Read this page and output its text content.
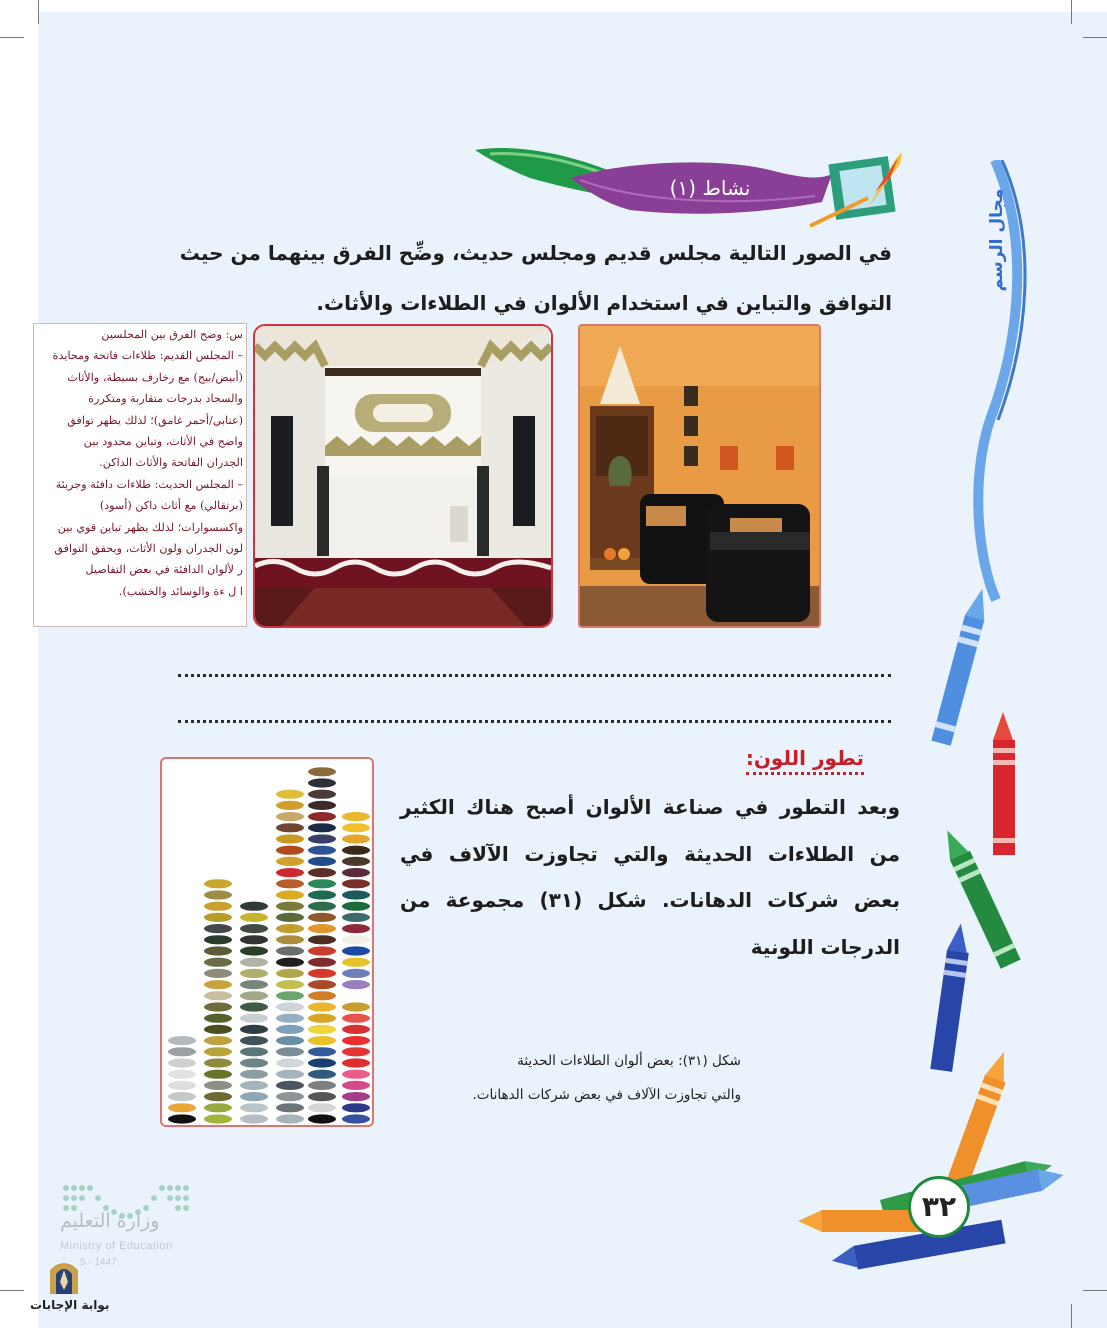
نشاط (١)
في الصور التالية مجلس قديم ومجلس حديث، وضِّح الفرق بينهما من حيث التوافق والتباين في استخدام الألوان في الطلاءات والأثاث.
س: وضح الفرق بين المجلسين
– المجلس القديم: طلاءات فاتحة ومحايدة
(أبيض/بيج) مع زخارف بسيطة، والأثاث
والسجاد بدرجات متقاربة ومتكررة
(عنابي/أحمر غامق)؛ لذلك يظهر توافق
واضح في الأثاث، وتباين محدود بين
الجدران الفاتحة والأثاث الداكن.
– المجلس الحديث: طلاءات دافئة وجريئة
(برتقالي) مع أثاث داكن (أسود)
واكسسوارات؛ لذلك يظهر تباين قوي بين
لون الجدران ولون الأثاث، ويحقق التوافق
ر لألوان الدافئة في بعض التفاصيل
ا ل ءة والوسائد والخشب).
تطور اللون:
وبعد التطور في صناعة الألوان أصبح هناك الكثير من الطلاءات الحديثة والتي تجاوزت الآلاف في بعض شركات الدهانات. شكل (٣١) مجموعة من الدرجات اللونية
شكل (٣١): بعض ألوان الطلاءات الحديثة
والتي تجاوزت الآلاف في بعض شركات الدهانات.
مجال الرسم
٣٢
وزارة التعليم
Ministry of Education
5 - 1447
بوابة الإجابات
